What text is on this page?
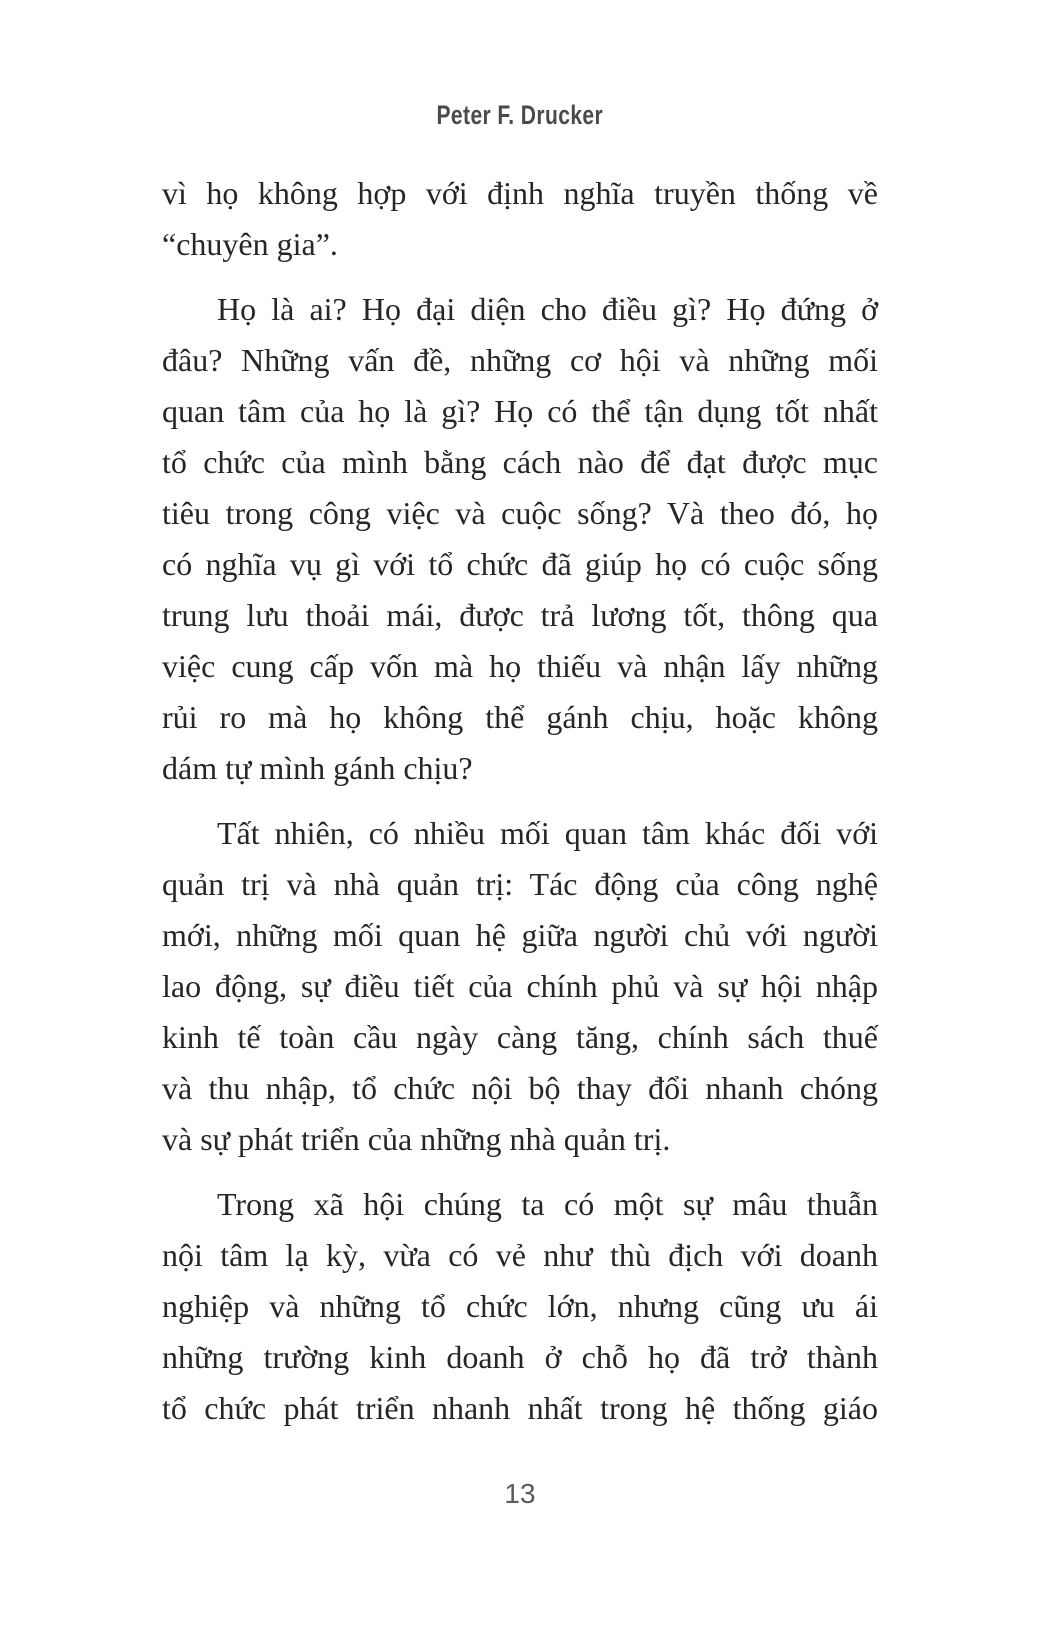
Peter F. Drucker
vì họ không hợp với định nghĩa truyền thống về
“chuyên gia”.
Họ là ai? Họ đại diện cho điều gì? Họ đứng ở
đâu? Những vấn đề, những cơ hội và những mối
quan tâm của họ là gì? Họ có thể tận dụng tốt nhất
tổ chức của mình bằng cách nào để đạt được mục
tiêu trong công việc và cuộc sống? Và theo đó, họ
có nghĩa vụ gì với tổ chức đã giúp họ có cuộc sống
trung lưu thoải mái, được trả lương tốt, thông qua
việc cung cấp vốn mà họ thiếu và nhận lấy những
rủi ro mà họ không thể gánh chịu, hoặc không
dám tự mình gánh chịu?
Tất nhiên, có nhiều mối quan tâm khác đối với
quản trị và nhà quản trị: Tác động của công nghệ
mới, những mối quan hệ giữa người chủ với người
lao động, sự điều tiết của chính phủ và sự hội nhập
kinh tế toàn cầu ngày càng tăng, chính sách thuế
và thu nhập, tổ chức nội bộ thay đổi nhanh chóng
và sự phát triển của những nhà quản trị.
Trong xã hội chúng ta có một sự mâu thuẫn
nội tâm lạ kỳ, vừa có vẻ như thù địch với doanh
nghiệp và những tổ chức lớn, nhưng cũng ưu ái
những trường kinh doanh ở chỗ họ đã trở thành
tổ chức phát triển nhanh nhất trong hệ thống giáo
13
